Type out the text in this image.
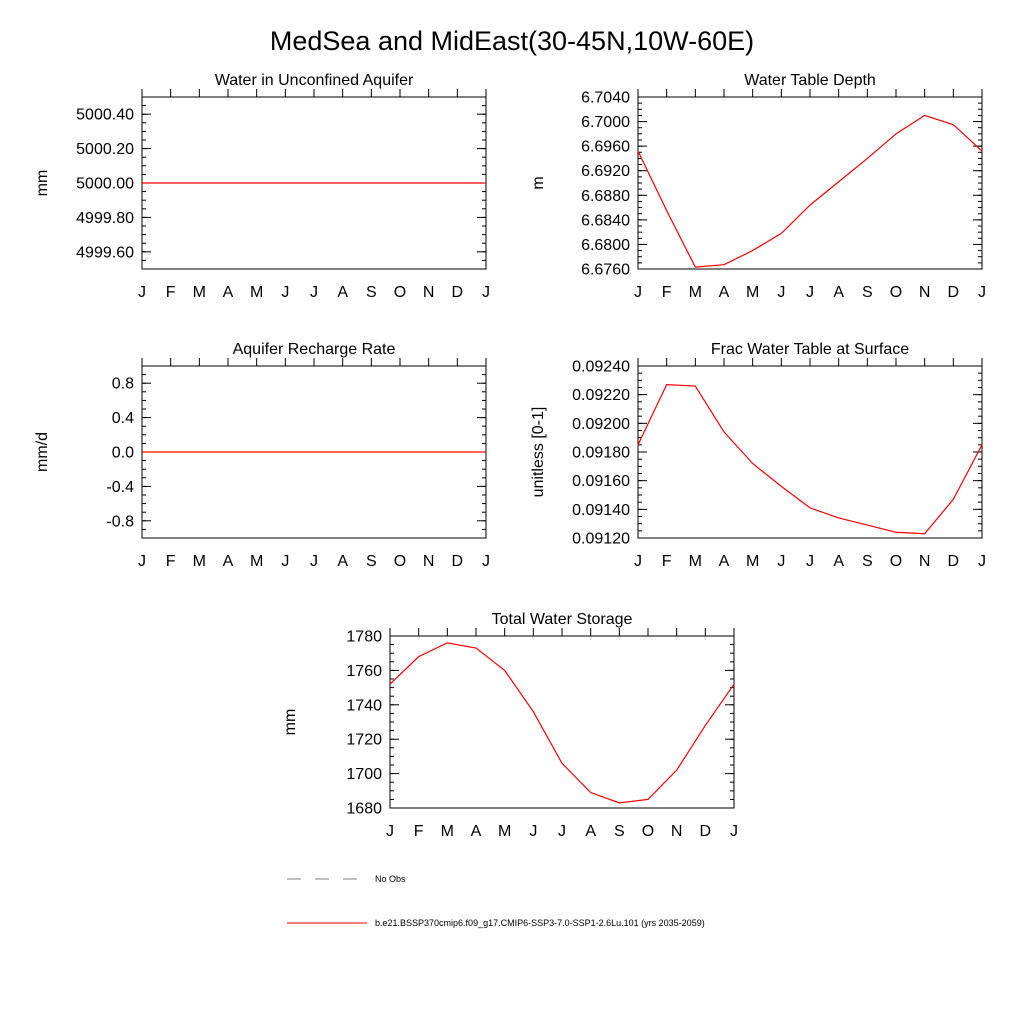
MedSea and MidEast(30-45N,10W-60E)
Water in Unconfined Aquifer
mm
4999.60
4999.80
5000.00
5000.20
5000.40
J F M A M J J A S O N D J
Water Table Depth
m
6.6760
6.6800
6.6840
6.6880
6.6920
6.6960
6.7000
6.7040
J F M A M J J A S O N D J
Aquifer Recharge Rate
mm/d
-0.8
-0.4
0.0
0.4
0.8
J F M A M J J A S O N D J
Frac Water Table at Surface
unitless [0-1]
0.09120
0.09140
0.09160
0.09180
0.09200
0.09220
0.09240
J F M A M J J A S O N D J
Total Water Storage
mm
1680
1700
1720
1740
1760
1780
J F M A M J J A S O N D J
No Obs
b.e21.BSSP370cmip6.f09_g17.CMIP6-SSP3-7.0-SSP1-2.6Lu.101 (yrs 2035-2059)
